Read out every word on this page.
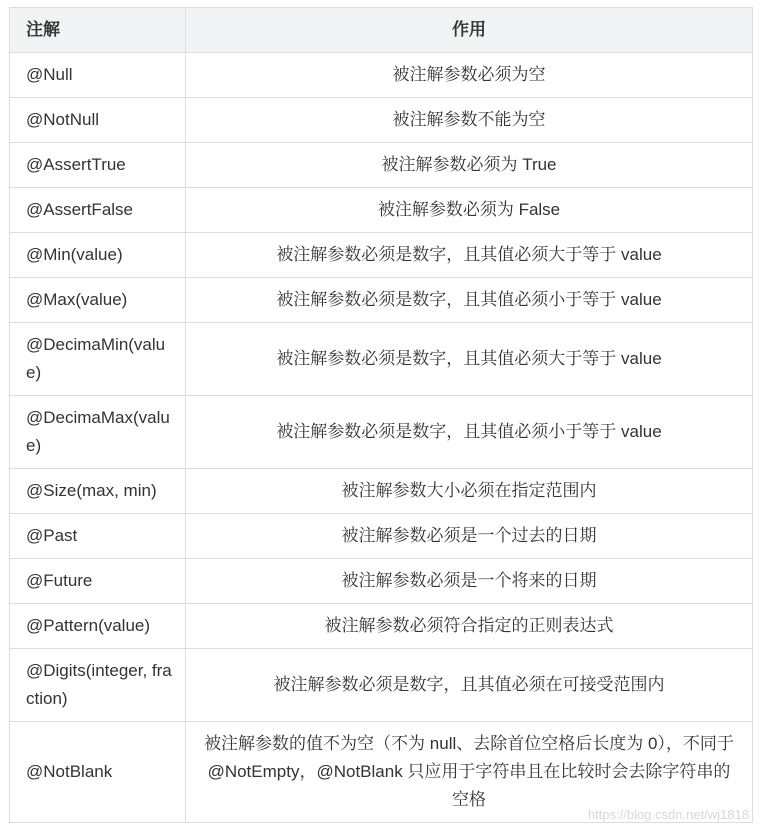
注解	作用
@Null	被注解参数必须为空
@NotNull	被注解参数不能为空
@AssertTrue	被注解参数必须为 True
@AssertFalse	被注解参数必须为 False
@Min(value)	被注解参数必须是数字，且其值必须大于等于 value
@Max(value)	被注解参数必须是数字，且其值必须小于等于 value
@DecimaMin(value)	被注解参数必须是数字，且其值必须大于等于 value
@DecimaMax(value)	被注解参数必须是数字，且其值必须小于等于 value
@Size(max, min)	被注解参数大小必须在指定范围内
@Past	被注解参数必须是一个过去的日期
@Future	被注解参数必须是一个将来的日期
@Pattern(value)	被注解参数必须符合指定的正则表达式
@Digits(integer, fraction)	被注解参数必须是数字，且其值必须在可接受范围内
@NotBlank	被注解参数的值不为空（不为 null、去除首位空格后长度为 0），不同于 @NotEmpty，@NotBlank 只应用于字符串且在比较时会去除字符串的空格
https://blog.csdn.net/wj1818
